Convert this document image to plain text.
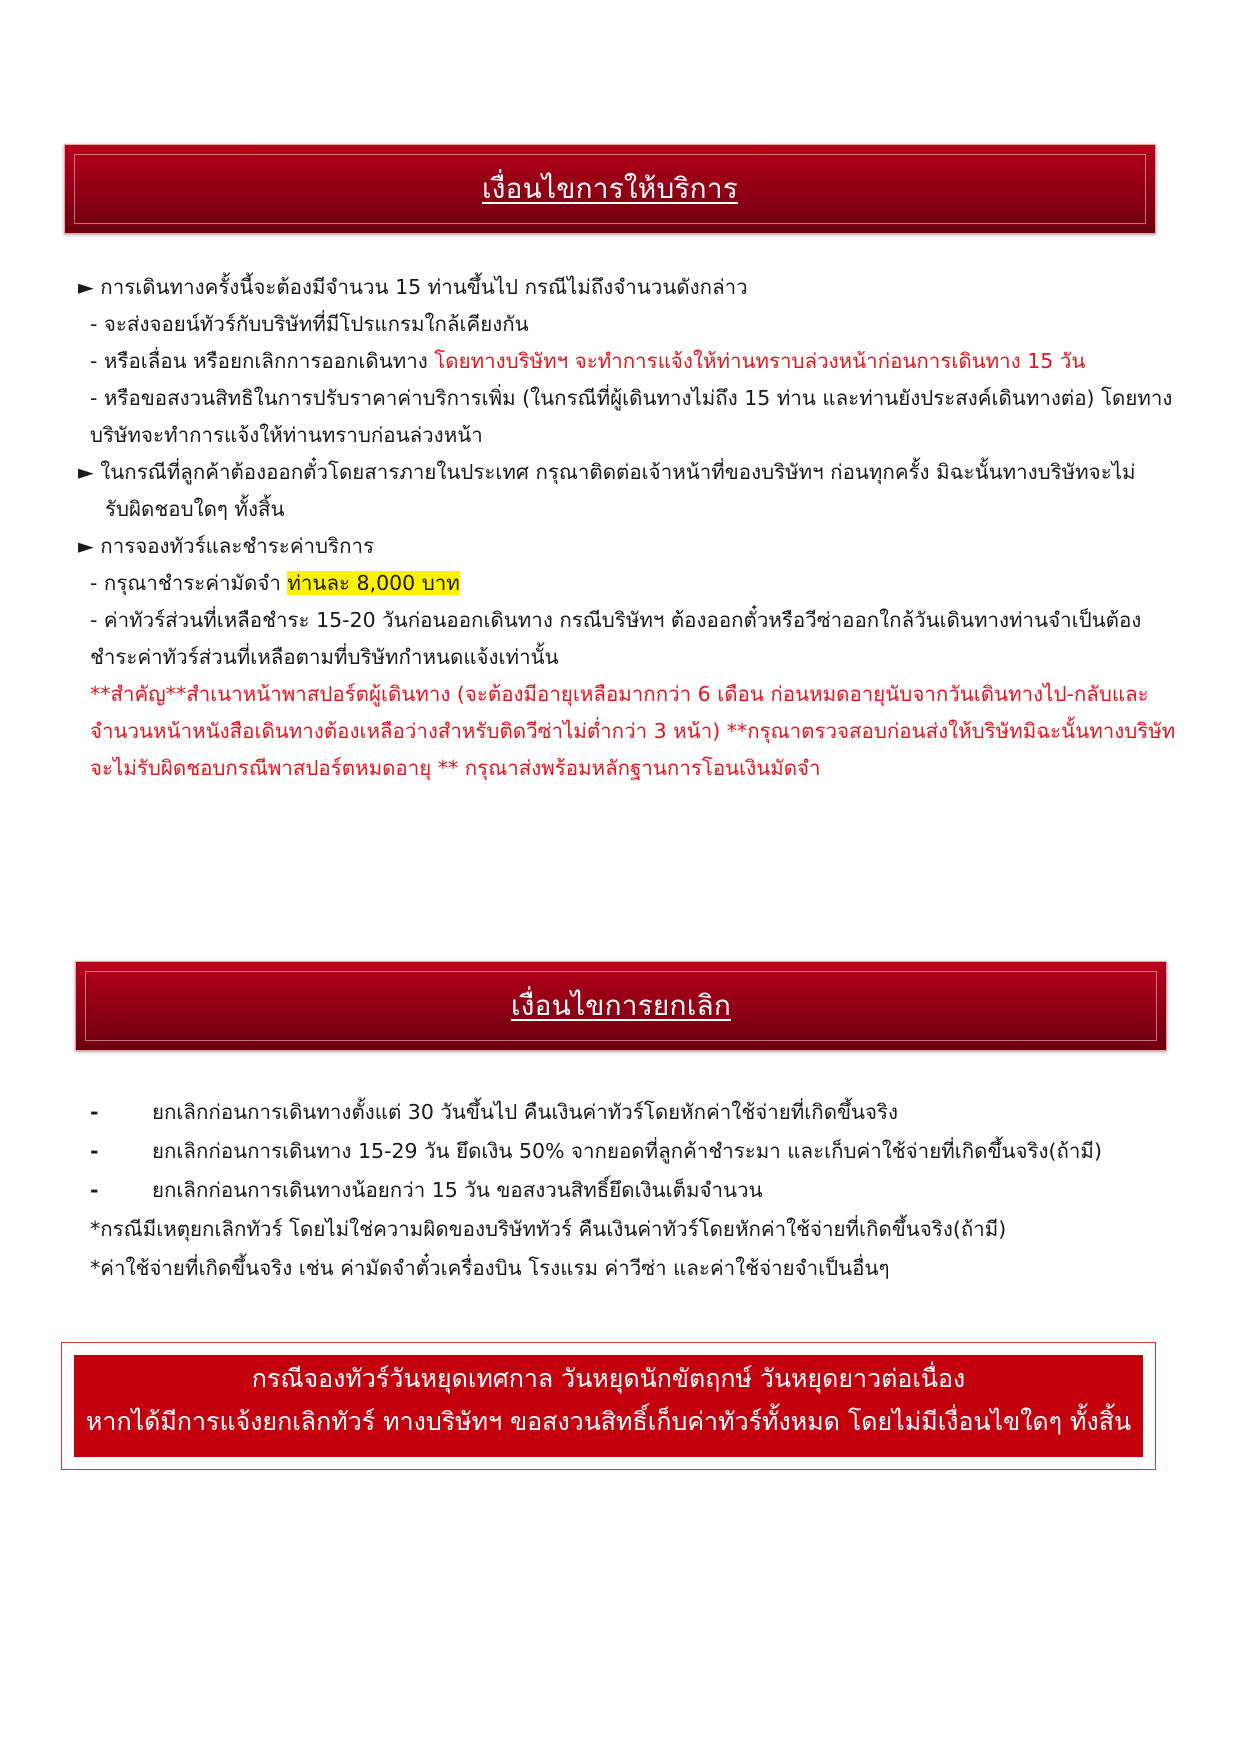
เงื่อนไขการให้บริการ
► การเดินทางครั้งนี้จะต้องมีจำนวน 15 ท่านขึ้นไป กรณีไม่ถึงจำนวนดังกล่าว
- จะส่งจอยน์ทัวร์กับบริษัทที่มีโปรแกรมใกล้เคียงกัน
- หรือเลื่อน หรือยกเลิกการออกเดินทาง โดยทางบริษัทฯ จะทำการแจ้งให้ท่านทราบล่วงหน้าก่อนการเดินทาง 15 วัน
- หรือขอสงวนสิทธิในการปรับราคาค่าบริการเพิ่ม (ในกรณีที่ผู้เดินทางไม่ถึง 15 ท่าน และท่านยังประสงค์เดินทางต่อ) โดยทางบริษัทจะทำการแจ้งให้ท่านทราบก่อนล่วงหน้า
► ในกรณีที่ลูกค้าต้องออกตั๋วโดยสารภายในประเทศ กรุณาติดต่อเจ้าหน้าที่ของบริษัทฯ ก่อนทุกครั้ง มิฉะนั้นทางบริษัทจะไม่
รับผิดชอบใดๆ ทั้งสิ้น
► การจองทัวร์และชำระค่าบริการ
- กรุณาชำระค่ามัดจำ ท่านละ 8,000 บาท
- ค่าทัวร์ส่วนที่เหลือชำระ 15-20 วันก่อนออกเดินทาง กรณีบริษัทฯ ต้องออกตั๋วหรือวีซ่าออกใกล้วันเดินทางท่านจำเป็นต้องชำระค่าทัวร์ส่วนที่เหลือตามที่บริษัทกำหนดแจ้งเท่านั้น
**สำคัญ**สำเนาหน้าพาสปอร์ตผู้เดินทาง (จะต้องมีอายุเหลือมากกว่า 6 เดือน ก่อนหมดอายุนับจากวันเดินทางไป-กลับและจำนวนหน้าหนังสือเดินทางต้องเหลือว่างสำหรับติดวีซ่าไม่ต่ำกว่า 3 หน้า) **กรุณาตรวจสอบก่อนส่งให้บริษัทมิฉะนั้นทางบริษัทจะไม่รับผิดชอบกรณีพาสปอร์ตหมดอายุ ** กรุณาส่งพร้อมหลักฐานการโอนเงินมัดจำ
เงื่อนไขการยกเลิก
-	ยกเลิกก่อนการเดินทางตั้งแต่ 30 วันขึ้นไป คืนเงินค่าทัวร์โดยหักค่าใช้จ่ายที่เกิดขึ้นจริง
-	ยกเลิกก่อนการเดินทาง 15-29 วัน ยึดเงิน 50% จากยอดที่ลูกค้าชำระมา และเก็บค่าใช้จ่ายที่เกิดขึ้นจริง(ถ้ามี)
-	ยกเลิกก่อนการเดินทางน้อยกว่า 15 วัน ขอสงวนสิทธิ์ยึดเงินเต็มจำนวน
*กรณีมีเหตุยกเลิกทัวร์ โดยไม่ใช่ความผิดของบริษัททัวร์ คืนเงินค่าทัวร์โดยหักค่าใช้จ่ายที่เกิดขึ้นจริง(ถ้ามี)
*ค่าใช้จ่ายที่เกิดขึ้นจริง เช่น ค่ามัดจำตั๋วเครื่องบิน โรงแรม ค่าวีซ่า และค่าใช้จ่ายจำเป็นอื่นๆ
กรณีจองทัวร์วันหยุดเทศกาล วันหยุดนักขัตฤกษ์ วันหยุดยาวต่อเนื่อง
หากได้มีการแจ้งยกเลิกทัวร์ ทางบริษัทฯ ขอสงวนสิทธิ์เก็บค่าทัวร์ทั้งหมด โดยไม่มีเงื่อนไขใดๆ ทั้งสิ้น
